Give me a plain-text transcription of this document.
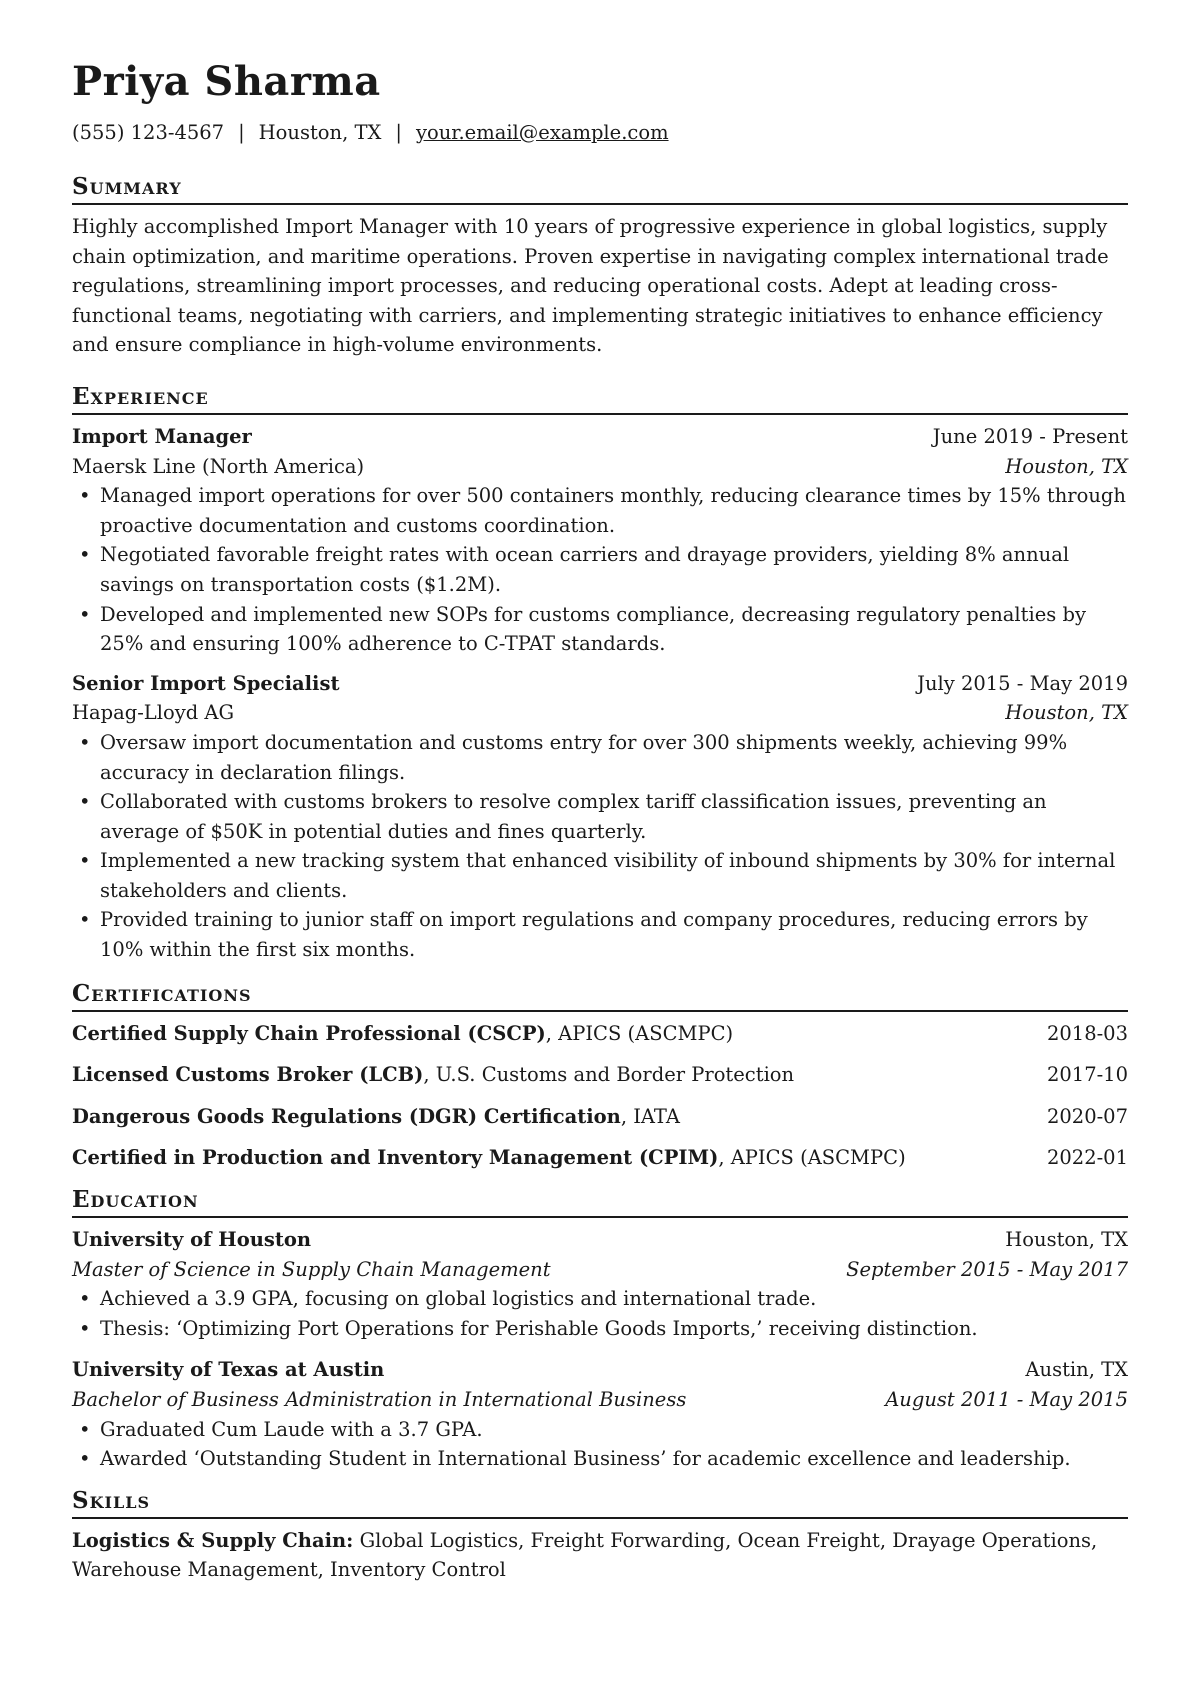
Priya Sharma
(555) 123-4567 | Houston, TX | your.email@example.com
Summary

Highly accomplished Import Manager with 10 years of progressive experience in global logistics, supply chain optimization, and maritime operations. Proven expertise in navigating complex international trade regulations, streamlining import processes, and reducing operational costs. Adept at leading cross-functional teams, negotiating with carriers, and implementing strategic initiatives to enhance efficiency and ensure compliance in high-volume environments.

Experience
Import Manager	June 2019 - Present
Maersk Line (North America)	Houston, TX
• Managed import operations for over 500 containers monthly, reducing clearance times by 15% through proactive documentation and customs coordination.
• Negotiated favorable freight rates with ocean carriers and drayage providers, yielding 8% annual savings on transportation costs ($1.2M).
• Developed and implemented new SOPs for customs compliance, decreasing regulatory penalties by 25% and ensuring 100% adherence to C-TPAT standards.
Senior Import Specialist	July 2015 - May 2019
Hapag-Lloyd AG	Houston, TX
• Oversaw import documentation and customs entry for over 300 shipments weekly, achieving 99% accuracy in declaration filings.
• Collaborated with customs brokers to resolve complex tariff classification issues, preventing an average of $50K in potential duties and fines quarterly.
• Implemented a new tracking system that enhanced visibility of inbound shipments by 30% for internal stakeholders and clients.
• Provided training to junior staff on import regulations and company procedures, reducing errors by 10% within the first six months.
Certifications
Certified Supply Chain Professional (CSCP), APICS (ASCMPC)	2018-03
Licensed Customs Broker (LCB), U.S. Customs and Border Protection	2017-10
Dangerous Goods Regulations (DGR) Certification, IATA	2020-07
Certified in Production and Inventory Management (CPIM), APICS (ASCMPC)	2022-01
Education
University of Houston	Houston, TX
Master of Science in Supply Chain Management	September 2015 - May 2017
• Achieved a 3.9 GPA, focusing on global logistics and international trade.
• Thesis: ‘Optimizing Port Operations for Perishable Goods Imports,’ receiving distinction.
University of Texas at Austin	Austin, TX
Bachelor of Business Administration in International Business	August 2011 - May 2015
• Graduated Cum Laude with a 3.7 GPA.
• Awarded ‘Outstanding Student in International Business’ for academic excellence and leadership.
Skills

Logistics & Supply Chain: Global Logistics, Freight Forwarding, Ocean Freight, Drayage Operations, Warehouse Management, Inventory Control
